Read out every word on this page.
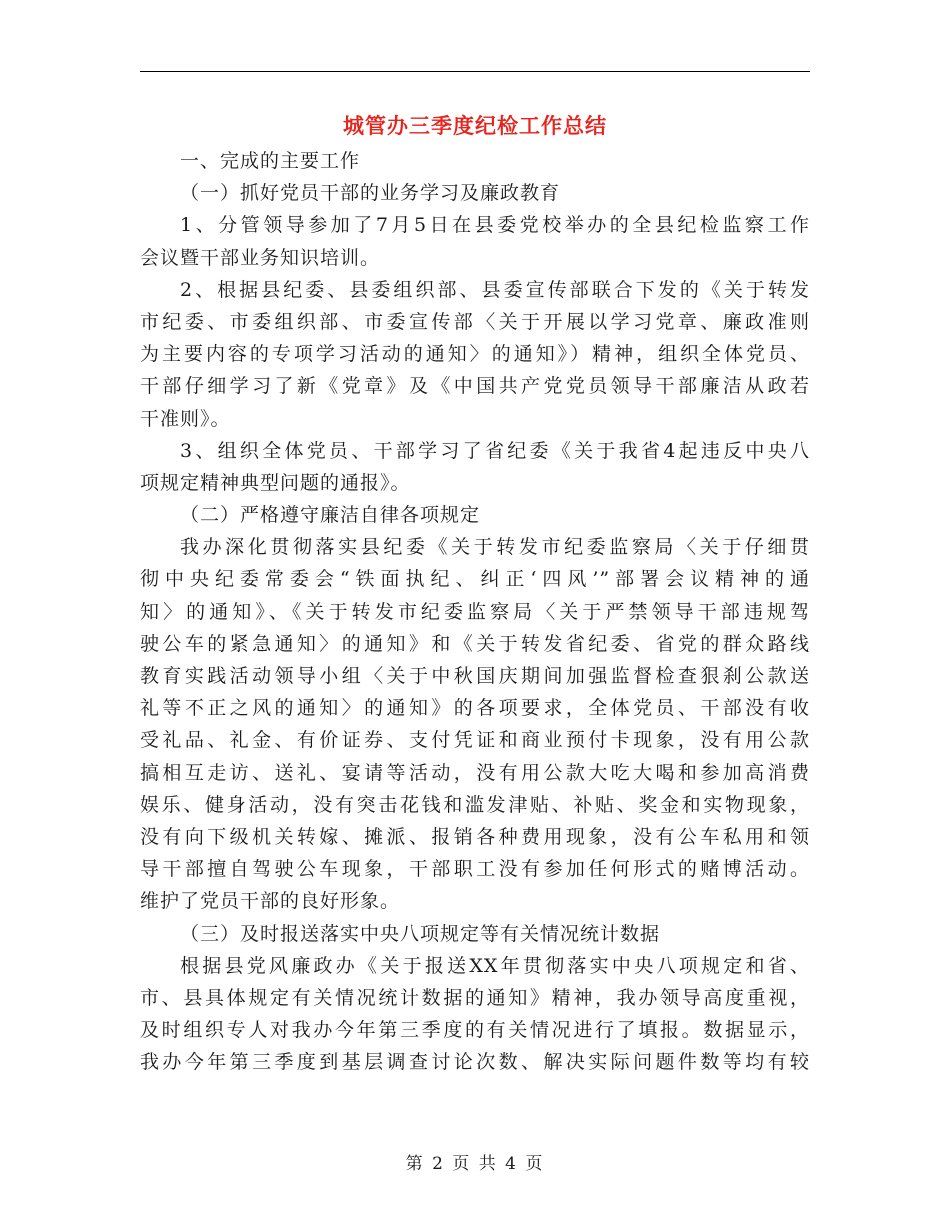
城管办三季度纪检工作总结
一、完成的主要工作
（一）抓好党员干部的业务学习及廉政教育
1、分管领导参加了7月5日在县委党校举办的全县纪检监察工作
会议暨干部业务知识培训。
2、根据县纪委、县委组织部、县委宣传部联合下发的《关于转发
市纪委、市委组织部、市委宣传部〈关于开展以学习党章、廉政准则
为主要内容的专项学习活动的通知〉的通知》）精神，组织全体党员、
干部仔细学习了新《党章》及《中国共产党党员领导干部廉洁从政若
干准则》。
3、组织全体党员、干部学习了省纪委《关于我省4起违反中央八
项规定精神典型问题的通报》。
（二）严格遵守廉洁自律各项规定
我办深化贯彻落实县纪委《关于转发市纪委监察局〈关于仔细贯
彻中央纪委常委会“铁面执纪、纠正‘四风’”部署会议精神的通
知〉的通知》、《关于转发市纪委监察局〈关于严禁领导干部违规驾
驶公车的紧急通知〉的通知》和《关于转发省纪委、省党的群众路线
教育实践活动领导小组〈关于中秋国庆期间加强监督检查狠刹公款送
礼等不正之风的通知〉的通知》的各项要求，全体党员、干部没有收
受礼品、礼金、有价证券、支付凭证和商业预付卡现象，没有用公款
搞相互走访、送礼、宴请等活动，没有用公款大吃大喝和参加高消费
娱乐、健身活动，没有突击花钱和滥发津贴、补贴、奖金和实物现象，
没有向下级机关转嫁、摊派、报销各种费用现象，没有公车私用和领
导干部擅自驾驶公车现象，干部职工没有参加任何形式的赌博活动。
维护了党员干部的良好形象。
（三）及时报送落实中央八项规定等有关情况统计数据
根据县党风廉政办《关于报送XX年贯彻落实中央八项规定和省、
市、县具体规定有关情况统计数据的通知》精神，我办领导高度重视，
及时组织专人对我办今年第三季度的有关情况进行了填报。数据显示，
我办今年第三季度到基层调查讨论次数、解决实际问题件数等均有较
第 2 页 共 4 页
